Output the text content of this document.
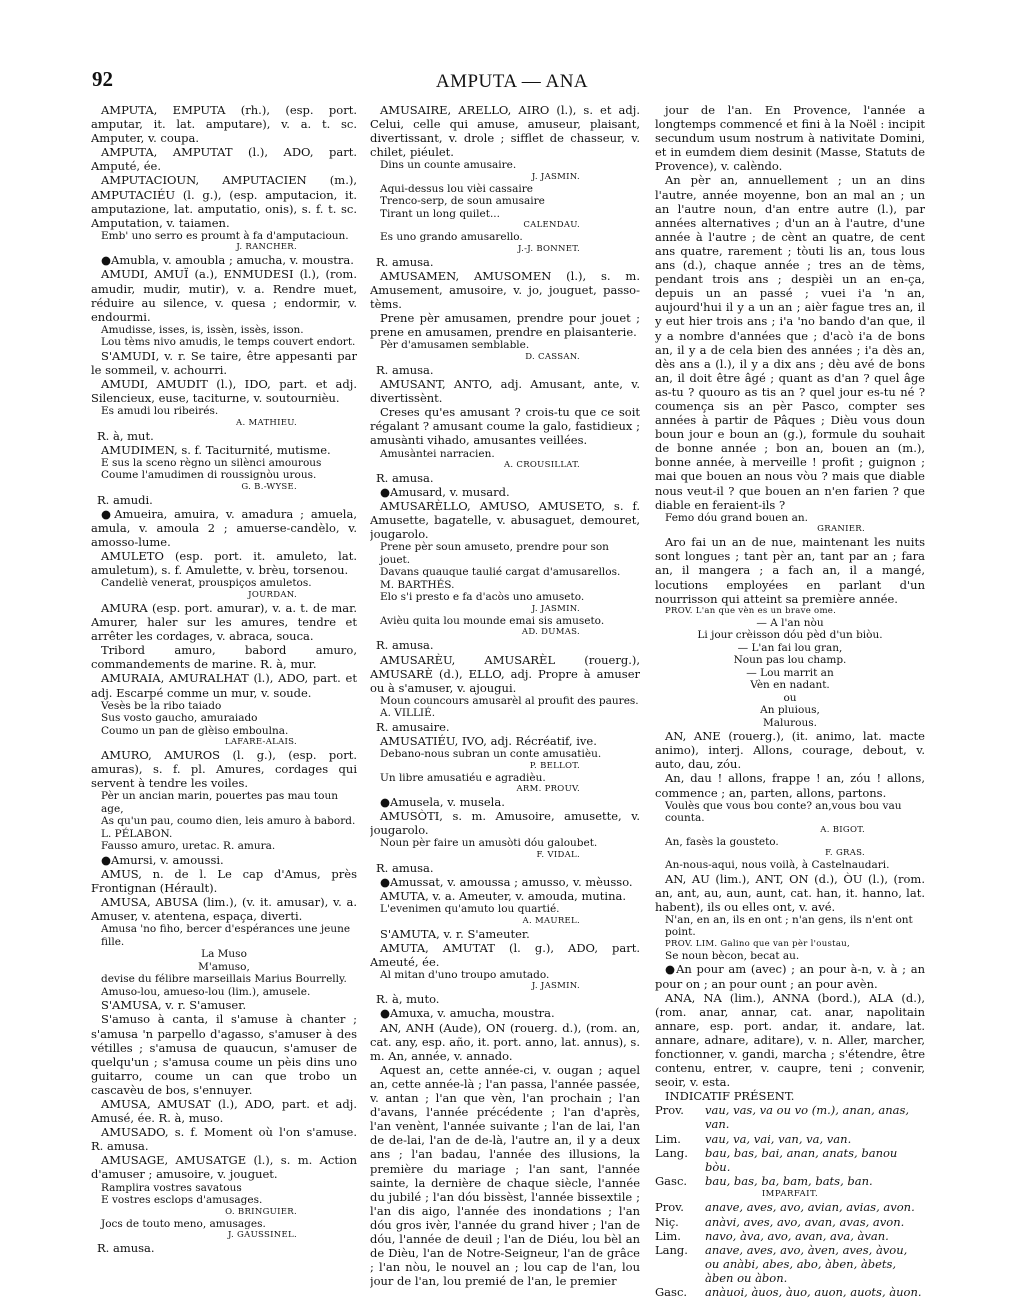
92	AMPUTA — ANA

AMPUTA, EMPUTA (rh.), (esp. port. amputar, it. lat. amputare), v. a. t. sc. Amputer, v. coupa.

AMPUTA, AMPUTAT (l.), ADO, part. Amputé, ée.

AMPUTACIOUN, AMPUTACIEN (m.), AMPUTACIÉU (l. g.), (esp. amputacion, it. amputazione, lat. amputatio, onis), s. f. t. sc. Amputation, v. taiamen.

Emb' uno serro es proumt à fa d'amputacioun.
J. RANCHER.

●Amubla, v. amoubla ; amucha, v. moustra.

AMUDI, AMUÏ (a.), ENMUDESI (l.), (rom. amudir, mudir, mutir), v. a. Rendre muet, réduire au silence, v. quesa ; endormir, v. endourmi.

Amudisse, isses, is, issèn, issès, isson.
Lou tèms nivo amudis, le temps couvert endort.

S'AMUDI, v. r. Se taire, être appesanti par le sommeil, v. achourri.

AMUDI, AMUDIT (l.), IDO, part. et adj. Silencieux, euse, taciturne, v. soutournièu.

Es amudi lou ribeirés.
A. MATHIEU.
R. à, mut.

AMUDIMEN, s. f. Taciturnité, mutisme.

E sus la sceno règno un silènci amourous
Coume l'amudimen di roussignòu urous.
G. B.-WYSE.
R. amudi.

●Amueira, amuira, v. amadura ; amuela, amula, v. amoula 2 ; amuerse-candèlo, v. amosso-lume.

AMULETO (esp. port. it. amuleto, lat. amuletum), s. f. Amulette, v. brèu, torsenou.

Candeliè venerat, prouspiços amuletos.
JOURDAN.

AMURA (esp. port. amurar), v. a. t. de mar. Amurer, haler sur les amures, tendre et arrêter les cordages, v. abraca, souca.

Tribord amuro, babord amuro, commandements de marine. R. à, mur.

AMURAIA, AMURALHAT (l.), ADO, part. et adj. Escarpé comme un mur, v. soude.

Vesès be la ribo taiado
Sus vosto gaucho, amuraiado
Coumo un pan de glèiso emboulna.
LAFARE-ALAIS.

AMURO, AMUROS (l. g.), (esp. port. amuras), s. f. pl. Amures, cordages qui servent à tendre les voiles.

Pèr un ancian marin, pouertes pas mau toun age,
As qu'un pau, coumo dien, leis amuro à babord.
L. PÉLABON.
Fausso amuro, uretac. R. amura.

●Amursi, v. amoussi.

AMUS, n. de l. Le cap d'Amus, près Frontignan (Hérault).

AMUSA, ABUSA (lim.), (v. it. amusar), v. a. Amuser, v. atentena, espaça, diverti.

Amusa 'no fiho, bercer d'espérances une jeune fille.
La Muso
M'amuso,
devise du félibre marseillais Marius Bourrelly.
Amuso-lou, amueso-lou (lim.), amusele.

S'AMUSA, v. r. S'amuser.

S'amuso à canta, il s'amuse à chanter ; s'amusa 'n parpello d'agasso, s'amuser à des vétilles ; s'amusa de quaucun, s'amuser de quelqu'un ; s'amusa coume un pèis dins uno guitarro, coume un can que trobo un cascavèu de bos, s'ennuyer.

AMUSA, AMUSAT (l.), ADO, part. et adj. Amusé, ée. R. à, muso.

AMUSADO, s. f. Moment où l'on s'amuse. R. amusa.

AMUSAGE, AMUSATGE (l.), s. m. Action d'amuser ; amusoire, v. jouguet.

Ramplira vostres savatous
E vostres esclops d'amusages.
O. BRINGUIER.
Jocs de touto meno, amusages.
J. GAUSSINEL.
R. amusa.

AMUSAIRE, ARELLO, AIRO (l.), s. et adj. Celui, celle qui amuse, amuseur, plaisant, divertissant, v. drole ; sifflet de chasseur, v. chilet, piéulet.

Dins un counte amusaire.
J. JASMIN.
Aqui-dessus lou vièi cassaire
Trenco-serp, de soun amusaire
Tirant un long quilet...
CALENDAU.
Es uno grando amusarello.
J.-J. BONNET.
R. amusa.

AMUSAMEN, AMUSOMEN (l.), s. m. Amusement, amusoire, v. jo, jouguet, passo-tèms.

Prene pèr amusamen, prendre pour jouet ; prene en amusamen, prendre en plaisanterie.

Pèr d'amusamen semblable.
D. CASSAN.
R. amusa.

AMUSANT, ANTO, adj. Amusant, ante, v. divertissènt.

Creses qu'es amusant ? crois-tu que ce soit régalant ? amusant coume la galo, fastidieux ; amusànti vihado, amusantes veillées.

Amusàntei narracien.
A. CROUSILLAT.
R. amusa.

●Amusard, v. musard.

AMUSARÈLLO, AMUSO, AMUSETO, s. f. Amusette, bagatelle, v. abusaguet, demouret, jougarolo.

Prene pèr soun amuseto, prendre pour son jouet.
Davans quauque taulié cargat d'amusarellos.
M. BARTHÉS.
Elo s'i presto e fa d'acòs uno amuseto.
J. JASMIN.
Avièu quita lou mounde emai sis amuseto.
AD. DUMAS.
R. amusa.

AMUSARÈU, AMUSARÈL (rouerg.), AMUSARÈ (d.), ELLO, adj. Propre à amuser ou à s'amuser, v. ajougui.

Moun councours amusarèl al proufit des paures.
A. VILLIÉ.
R. amusaire.

AMUSATIÉU, IVO, adj. Récréatif, ive.

Debano-nous subran un conte amusatièu.
P. BELLOT.
Un libre amusatiéu e agradièu.
ARM. PROUV.

●Amusela, v. musela.

AMUSÒTI, s. m. Amusoire, amusette, v. jougarolo.

Noun pèr faire un amusòti dóu galoubet.
F. VIDAL.
R. amusa.

●Amussat, v. amoussa ; amusso, v. mèusso.

AMUTA, v. a. Ameuter, v. amouda, mutina.

L'evenimen qu'amuto lou quartié.
A. MAUREL.

S'AMUTA, v. r. S'ameuter.

AMUTA, AMUTAT (l. g.), ADO, part. Ameuté, ée.

Al mitan d'uno troupo amutado.
J. JASMIN.
R. à, muto.

●Amuxa, v. amucha, moustra.

AN, ANH (Aude), ON (rouerg. d.), (rom. an, cat. any, esp. año, it. port. anno, lat. annus), s. m. An, année, v. annado.

Aquest an, cette année-ci, v. ougan ; aquel an, cette année-là ; l'an passa, l'année passée, v. antan ; l'an que vèn, l'an prochain ; l'an d'avans, l'année précédente ; l'an d'après, l'an venènt, l'année suivante ; l'an de lai, l'an de de-lai, l'an de de-là, l'autre an, il y a deux ans ; l'an badau, l'année des illusions, la première du mariage ; l'an sant, l'année sainte, la dernière de chaque siècle, l'année du jubilé ; l'an dóu bissèst, l'année bissextile ; l'an dis aigo, l'année des inondations ; l'an dóu gros ivèr, l'année du grand hiver ; l'an de dóu, l'année de deuil ; l'an de Diéu, lou bèl an de Dièu, l'an de Notre-Seigneur, l'an de grâce ; l'an nòu, le nouvel an ; lou cap de l'an, lou jour de l'an, lou premié de l'an, le premier

jour de l'an. En Provence, l'année a longtemps commencé et fini à la Noël : incipit secundum usum nostrum à nativitate Domini, et in eumdem diem desinit (Masse, Statuts de Provence), v. calèndo.

An pèr an, annuellement ; un an dins l'autre, année moyenne, bon an mal an ; un an l'autre noun, d'an entre autre (l.), par années alternatives ; d'un an à l'autre, d'une année à l'autre ; de cènt an quatre, de cent ans quatre, rarement ; tòuti lis an, tous lous ans (d.), chaque année ; tres an de tèms, pendant trois ans ; despièi un an en-ça, depuis un an passé ; vuei i'a 'n an, aujourd'hui il y a un an ; aièr fague tres an, il y eut hier trois ans ; i'a 'no bando d'an que, il y a nombre d'années que ; d'acò i'a de bons an, il y a de cela bien des années ; i'a dès an, dès ans a (l.), il y a dix ans ; dèu avé de bons an, il doit être âgé ; quant as d'an ? quel âge as-tu ? quouro as tis an ? quel jour es-tu né ? coumença sis an pèr Pasco, compter ses années à partir de Pâques ; Dièu vous doun boun jour e boun an (g.), formule du souhait de bonne année ; bon an, bouen an (m.), bonne année, à merveille ! profit ; guignon ; mai que bouen an nous vòu ? mais que diable nous veut-il ? que bouen an n'en farien ? que diable en feraient-ils ?

Femo dóu grand bouen an.
GRANIER.

Aro fai un an de nue, maintenant les nuits sont longues ; tant pèr an, tant par an ; fara an, il mangera ; a fach an, il a mangé, locutions employées en parlant d'un nourrisson qui atteint sa première année.

PROV. L'an que vèn es un brave ome.
— A l'an nòu
Li jour crèisson dóu pèd d'un biòu.
— L'an fai lou gran,
Noun pas lou champ.
— Lou marrit an
Vèn en nadant.
ou
An pluious,
Malurous.

AN, ANE (rouerg.), (it. animo, lat. macte animo), interj. Allons, courage, debout, v. auto, dau, zóu.

An, dau ! allons, frappe ! an, zóu ! allons, commence ; an, parten, allons, partons.

Voulès que vous bou conte? an,vous bou vau counta.
A. BIGOT.
An, fasès la gousteto.
F. GRAS.
An-nous-aqui, nous voilà, à Castelnaudari.

AN, AU (lim.), ANT, ON (d.), ÒU (l.), (rom. an, ant, au, aun, aunt, cat. han, it. hanno, lat. habent), ils ou elles ont, v. avé.

N'an, en an, ils en ont ; n'an gens, ils n'ent ont point.
PROV. LIM. Galino que van pèr l'oustau,
Se noun bècon, becat au.

●An pour am (avec) ; an pour à-n, v. à ; an pour on ; an pour ount ; an pour avèn.

ANA, NA (lim.), ANNA (bord.), ALA (d.), (rom. anar, annar, cat. anar, napolitain annare, esp. port. andar, it. andare, lat. annare, adnare, aditare), v. n. Aller, marcher, fonctionner, v. gandi, marcha ; s'étendre, être contenu, entrer, v. caupre, teni ; convenir, seoir, v. esta.

INDICATIF PRÉSENT.

Prov.	vau, vas, va ou vo (m.), anan, anas, van.
Lim.	vau, va, vai, van, va, van.
Lang.	bau, bas, bai, anan, anats, banou bòu.
Gasc.	bau, bas, ba, bam, bats, ban.
IMPARFAIT.
Prov.	anave, aves, avo, avian, avias, avon.
Niç.	anàvi, aves, avo, avan, avas, avon.
Lim.	navo, àva, avo, avan, ava, àvan.
Lang.	anave, aves, avo, àven, aves, àvou, ou anàbi, abes, abo, àben, àbets, àben ou àbon.
Gasc.	anàuoi, àuos, àuo, auon, auots, àuon.
